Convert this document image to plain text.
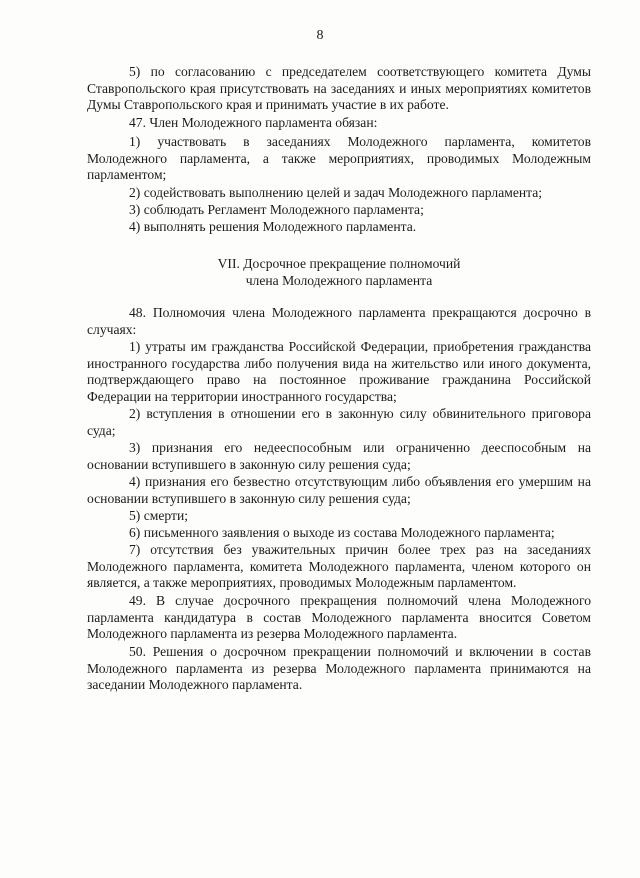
8
5) по согласованию с председателем соответствующего комитета Думы Ставропольского края присутствовать на заседаниях и иных мероприятиях комитетов Думы Ставропольского края и принимать участие в их работе.
47. Член Молодежного парламента обязан:
1) участвовать в заседаниях Молодежного парламента, комитетов Молодежного парламента, а также мероприятиях, проводимых Молодежным парламентом;
2) содействовать выполнению целей и задач Молодежного парламента;
3) соблюдать Регламент Молодежного парламента;
4) выполнять решения Молодежного парламента.
VII. Досрочное прекращение полномочий
члена Молодежного парламента
48. Полномочия члена Молодежного парламента прекращаются досрочно в случаях:
1) утраты им гражданства Российской Федерации, приобретения гражданства иностранного государства либо получения вида на жительство или иного документа, подтверждающего право на постоянное проживание гражданина Российской Федерации на территории иностранного государства;
2) вступления в отношении его в законную силу обвинительного приговора суда;
3) признания его недееспособным или ограниченно дееспособным на основании вступившего в законную силу решения суда;
4) признания его безвестно отсутствующим либо объявления его умершим на основании вступившего в законную силу решения суда;
5) смерти;
6) письменного заявления о выходе из состава Молодежного парламента;
7) отсутствия без уважительных причин более трех раз на заседаниях Молодежного парламента, комитета Молодежного парламента, членом которого он является, а также мероприятиях, проводимых Молодежным парламентом.
49. В случае досрочного прекращения полномочий члена Молодежного парламента кандидатура в состав Молодежного парламента вносится Советом Молодежного парламента из резерва Молодежного парламента.
50. Решения о досрочном прекращении полномочий и включении в состав Молодежного парламента из резерва Молодежного парламента принимаются на заседании Молодежного парламента.
